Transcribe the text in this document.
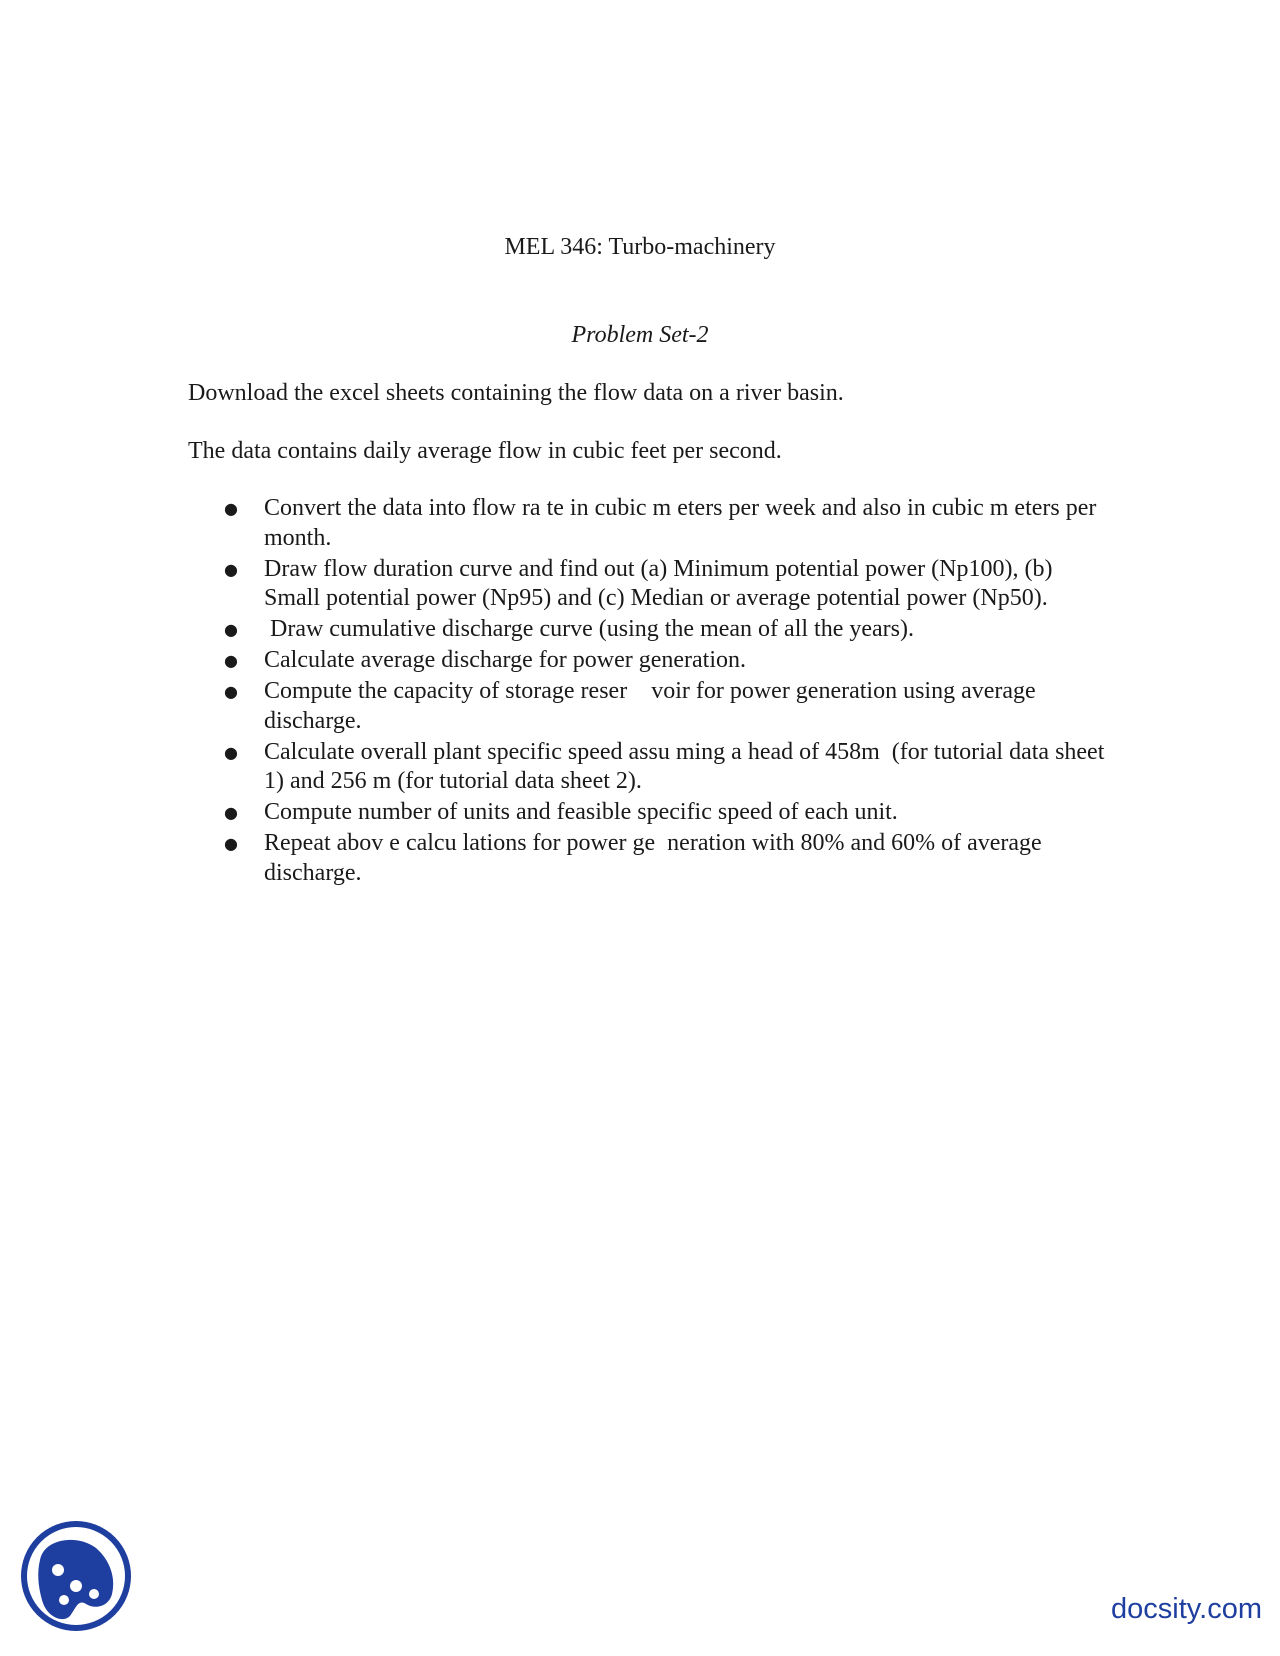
MEL 346: Turbo-machinery
Problem Set-2
Download the excel sheets containing the flow data on a river basin.
The data contains daily average flow in cubic feet per second.
● Convert the data into flow ra te in cubic m eters per week and also in cubic m eters per month.
● Draw flow duration curve and find out (a) Minimum potential power (Np100), (b) Small potential power (Np95) and (c) Median or average potential power (Np50).
● Draw cumulative discharge curve (using the mean of all the years).
● Calculate average discharge for power generation.
● Compute the capacity of storage reser    voir for power generation using average discharge.
● Calculate overall plant specific speed assu ming a head of 458m  (for tutorial data sheet 1) and 256 m (for tutorial data sheet 2).
● Compute number of units and feasible specific speed of each unit.
● Repeat abov e calcu lations for power ge  neration with 80% and 60% of average discharge.
docsity.com
